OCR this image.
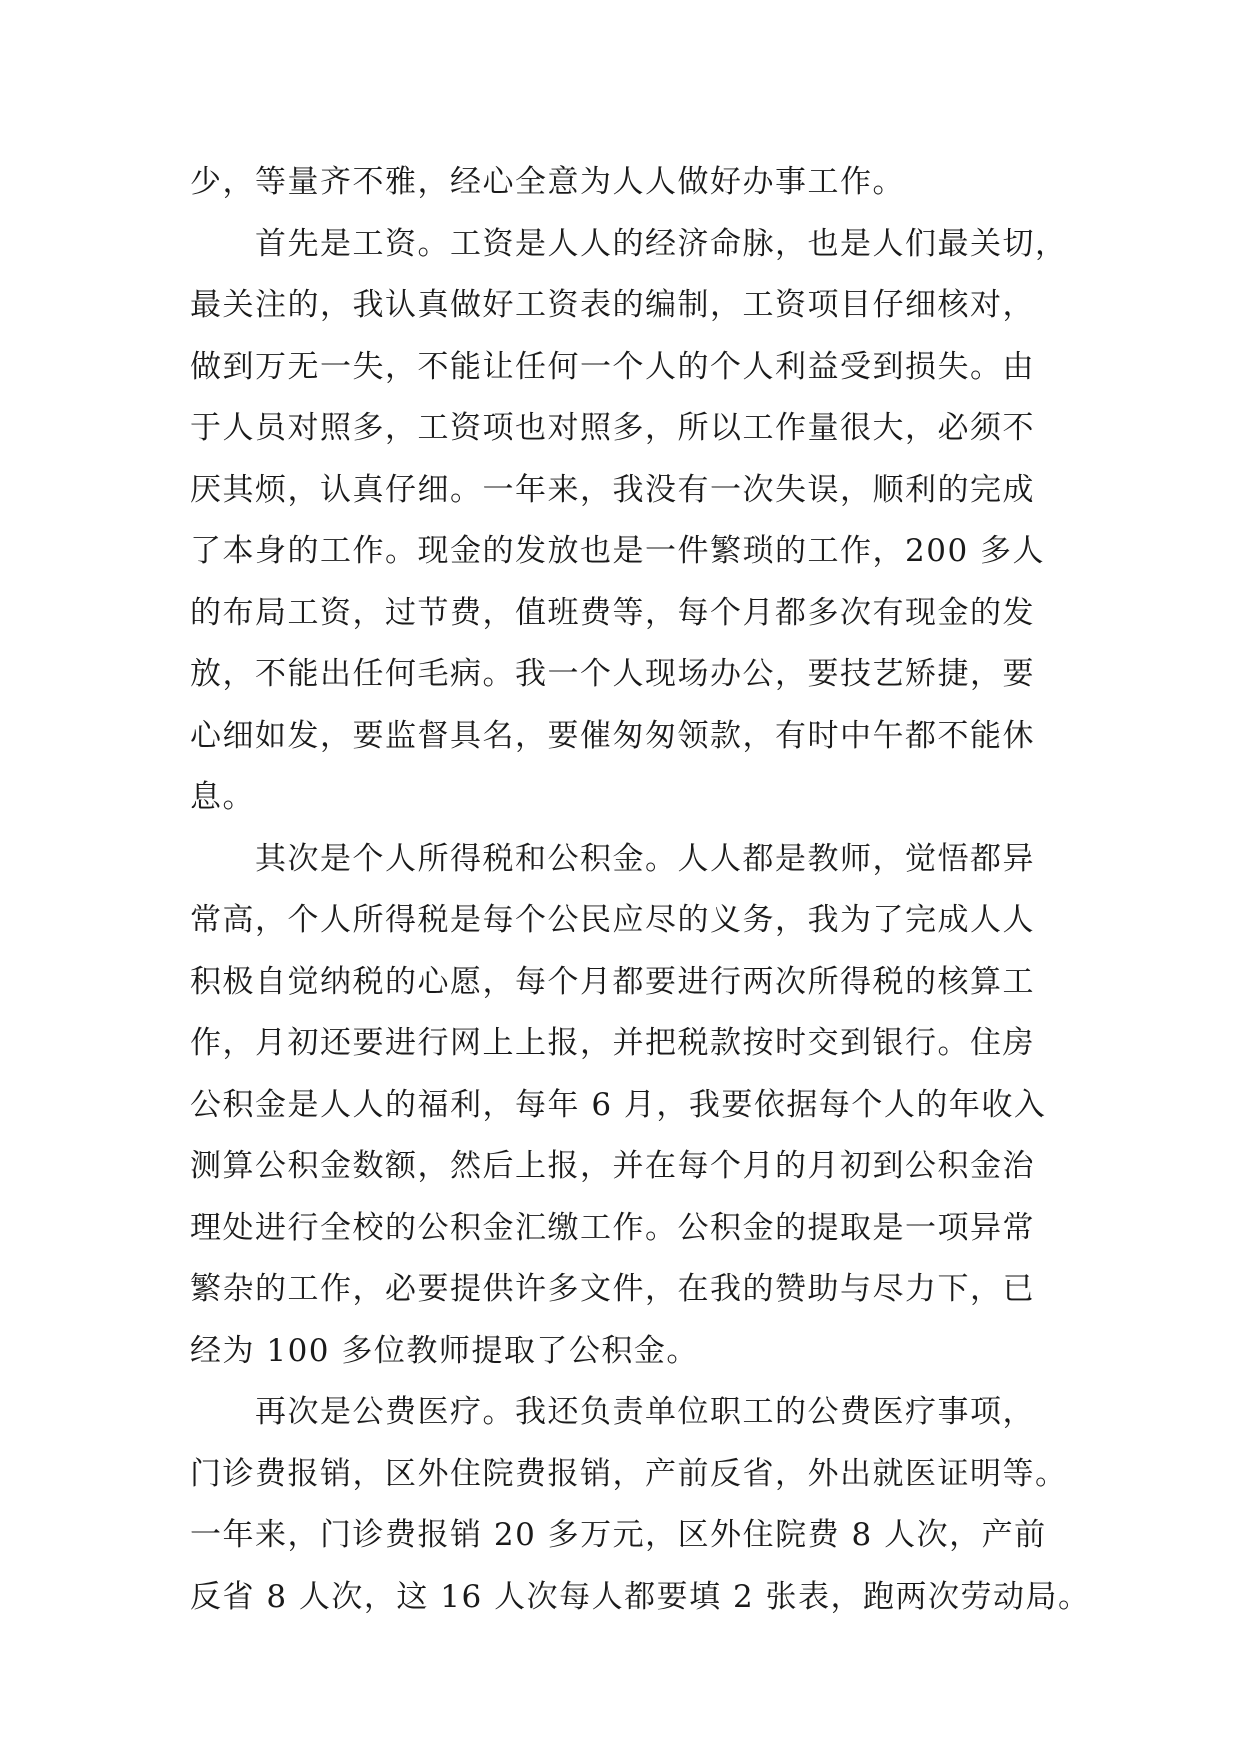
少，等量齐不雅，经心全意为人人做好办事工作。
　　首先是工资。工资是人人的经济命脉，也是人们最关切，
最关注的，我认真做好工资表的编制，工资项目仔细核对，
做到万无一失，不能让任何一个人的个人利益受到损失。由
于人员对照多，工资项也对照多，所以工作量很大，必须不
厌其烦，认真仔细。一年来，我没有一次失误，顺利的完成
了本身的工作。现金的发放也是一件繁琐的工作，200 多人
的布局工资，过节费，值班费等，每个月都多次有现金的发
放，不能出任何毛病。我一个人现场办公，要技艺矫捷，要
心细如发，要监督具名，要催匆匆领款，有时中午都不能休
息。
　　其次是个人所得税和公积金。人人都是教师，觉悟都异
常高，个人所得税是每个公民应尽的义务，我为了完成人人
积极自觉纳税的心愿，每个月都要进行两次所得税的核算工
作，月初还要进行网上上报，并把税款按时交到银行。住房
公积金是人人的福利，每年 6 月，我要依据每个人的年收入
测算公积金数额，然后上报，并在每个月的月初到公积金治
理处进行全校的公积金汇缴工作。公积金的提取是一项异常
繁杂的工作，必要提供许多文件，在我的赞助与尽力下，已
经为 100 多位教师提取了公积金。
　　再次是公费医疗。我还负责单位职工的公费医疗事项，
门诊费报销，区外住院费报销，产前反省，外出就医证明等。
一年来，门诊费报销 20 多万元，区外住院费 8 人次，产前
反省 8 人次，这 16 人次每人都要填 2 张表，跑两次劳动局。
